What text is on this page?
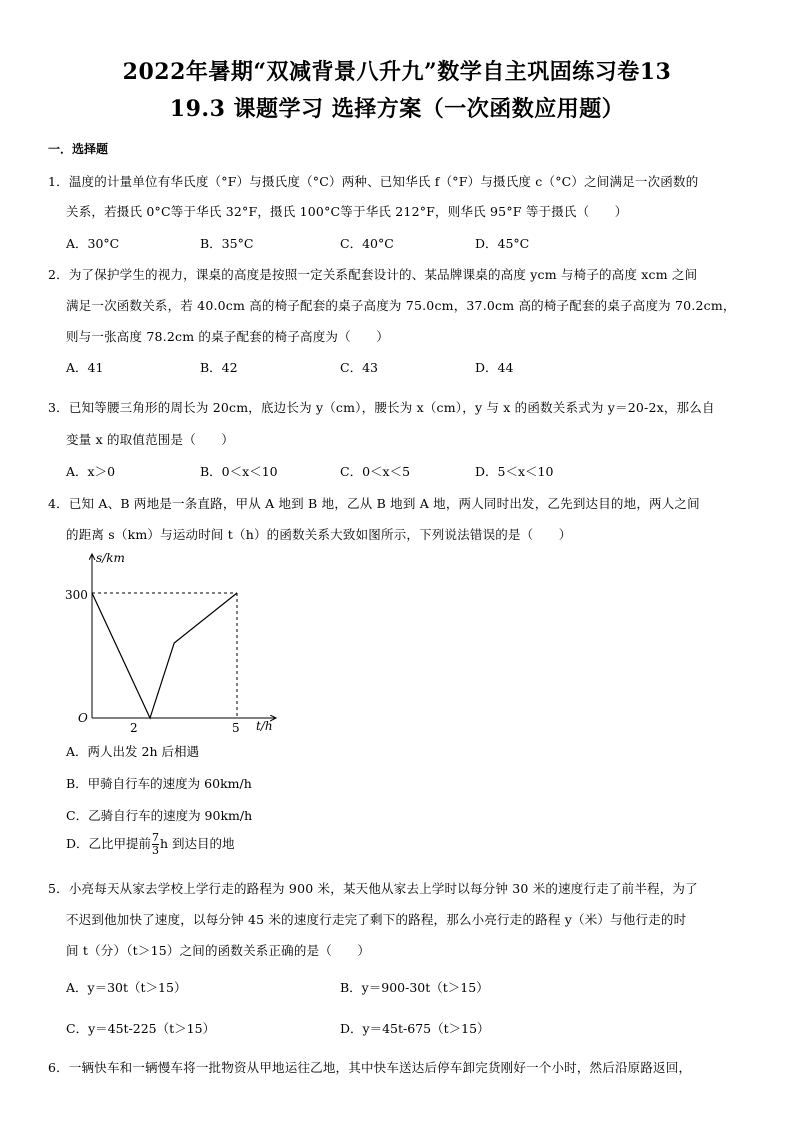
2022年暑期“双减背景八升九”数学自主巩固练习卷13
19.3 课题学习 选择方案（一次函数应用题）
一．选择题
1．温度的计量单位有华氏度（°F）与摄氏度（°C）两种、已知华氏 f（°F）与摄氏度 c（°C）之间满足一次函数的
关系，若摄氏 0°C等于华氏 32°F，摄氏 100°C等于华氏 212°F，则华氏 95°F 等于摄氏（　　）
A．30°C	B．35°C	C．40°C	D．45°C
2．为了保护学生的视力，课桌的高度是按照一定关系配套设计的、某品牌课桌的高度 ycm 与椅子的高度 xcm 之间
满足一次函数关系，若 40.0cm 高的椅子配套的桌子高度为 75.0cm，37.0cm 高的椅子配套的桌子高度为 70.2cm，
则与一张高度 78.2cm 的桌子配套的椅子高度为（　　）
A．41	B．42	C．43	D．44
3．已知等腰三角形的周长为 20cm，底边长为 y（cm），腰长为 x（cm），y 与 x 的函数关系式为 y＝20-2x，那么自
变量 x 的取值范围是（　　）
A．x＞0	B．0＜x＜10	C．0＜x＜5	D．5＜x＜10
4．已知 A、B 两地是一条直路，甲从 A 地到 B 地，乙从 B 地到 A 地，两人同时出发，乙先到达目的地，两人之间
的距离 s（km）与运动时间 t（h）的函数关系大致如图所示，下列说法错误的是（　　）
s/km
t/h
O
300
2	5
A．两人出发 2h 后相遇
B．甲骑自行车的速度为 60km/h
C．乙骑自行车的速度为 90km/h
D．乙比甲提前 $\frac{7}{3}$ h 到达目的地
5．小亮每天从家去学校上学行走的路程为 900 米，某天他从家去上学时以每分钟 30 米的速度行走了前半程，为了
不迟到他加快了速度，以每分钟 45 米的速度行走完了剩下的路程，那么小亮行走的路程 y（米）与他行走的时
间 t（分）（t＞15）之间的函数关系正确的是（　　）
A．y＝30t（t＞15）	B．y＝900-30t（t＞15）
C．y＝45t-225（t＞15）	D．y＝45t-675（t＞15）
6．一辆快车和一辆慢车将一批物资从甲地运往乙地，其中快车送达后停车卸完货刚好一个小时，然后沿原路返回，
